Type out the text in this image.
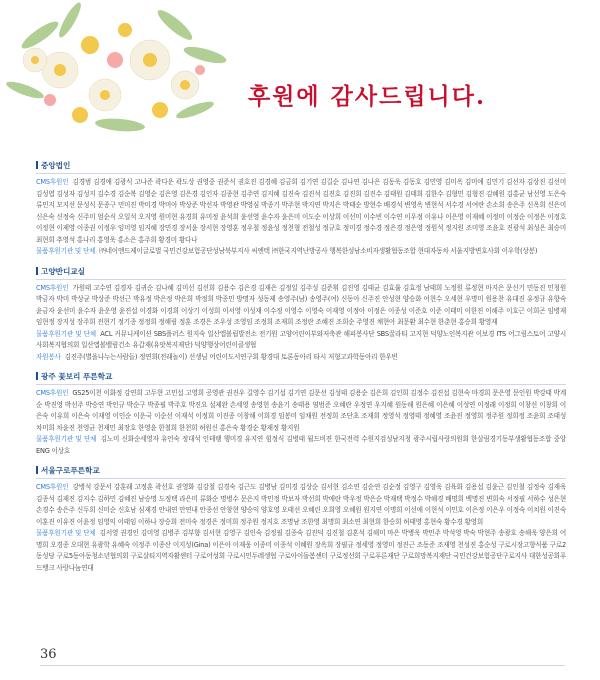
후원에 감사드립니다.
중앙법인
CMS후원인 김경범 김경애 김광식 고나준 곽다운 곽도상 권영중 권준식 권호진 김경혜 김금희 김기연 김길순 김나연 김나은 김동욱 김동호 김민영 김미옥 김미애 김민기 김선자 김상진 김선미 김성엽 김성자 김성지 김수경 김순복 김영순 김은영 김은경 김인자 김종현 김주연 김지혜 김진숙 김진석 김진호 김진희 김진수 김태원 김태희 김한수 김형민 김형진 김혜원 김홍균 남선영 도은숙 류민지 모지선 문성식 문종구 민미진 박미경 박미아 박상준 박선자 박영관 박영심 박종기 박주현 박지연 박지은 박태순 방현수 배경석 변영옥 변현석 서수경 서여란 손소희 송은주 신옥희 신은미 신은숙 신정숙 신주미 엄순식 오일석 오지영 원미현 유경희 유미정 윤석희 윤선영 윤수자 윤은미 이도순 이상희 이선미 이수빈 이수연 이우정 이유나 이은영 이재혜 이정미 이정순 이정은 이정호 이정현 이제영 이종권 이정우 임미영 임지혜 장민경 장서윤 장서현 장영훈 정우철 정윤성 정천형 전철성 정규호 정미경 정수경 정은경 정은영 정원석 정지원 조미영 조윤호 진광석 최성은 최승미 최현희 추영석 홍나리 홍영욱 홍소은 홍주희 황경미 황다나
물품후원기관 및 단체 ㈜네이앤드제이글로벌 국민건강보험공단성남북부지사 씨엔텍 ㈜한국지역난방공사 행복한성남소비자생활협동조합 현대자동차 서울지방변호사회 이우학(상봉)
고양반디교실
CMS후원인 가원태 고수연 김경자 김귀순 김나혜 김미선 김선희 김용수 김은경 김재은 김정일 김주성 김준휘 김진영 김태균 김효률 김효정 남태희 노정원 류정현 마지은 문신기 민동진 민청원 박금자 박미 박상균 박상준 박선근 박유정 박은정 박은희 박정희 박종민 방명자 성동제 송영주(남) 송영주(여) 신동아 신주진 안성현 양승화 어현수 오세현 우명미 원용찬 유대진 유정규 유향숙 윤금자 윤선미 윤수자 윤운영 윤진섭 이경화 이경희 이상기 이성희 이서영 이성재 이수정 이영수 이영숙 이재영 이정아 이정은 이종성 이준호 이준 이태미 이한진 이해주 이호근 이희곤 임병재 임현정 장지성 장주희 전현기 정기종 정정희 정해림 정훈 조경은 조우성 조영임 조정희 조재희 조정란 조혜진 조희순 주영진 채현아 최문환 최수현 한춘현 홍승희 황영재
물품후원기관 및 단체 ACL 커뮤니케이션 SBS플러스 원지숙 일산앱볼립발전소 전기원 고양어린이부와저축관 해피봉사단 SBS꿀라티 고지현 덕양노인복지관 이보경 ITS 어그림스토어 고양시사회복지협의회 일산앱볼밸림건소 유갑재(유앗복지재단) 덕양행상어린이클생협
자원봉사 김진주(별을나누는사람들) 정연희(전래놀이) 선생님 어린이도서연구회 황경대 토론동아리 타시 저형고과학동아리 한우빈
광주 꽃보리 푸른학교
CMS후원인 GS25이천 이화정 강연희 고두현 고민섭 고영희 공영관 권진우 길영수 김기섭 김기연 김문선 김성태 김용순 김은희 김인희 김정수 김진섭 김현숙 마경희 문은영 문인원 박강태 박계순 박진영 박선주 박승연 박인규 박순구 박종필 박주호 박진요 설제완 손세영 송영헌 송윤기 송태용 염범준 오혜란 우정연 우지혜 원동해 원은혜 이은혜 이성연 이정래 이정희 이창선 이창희 이은숙 이유희 이은숙 이재영 이인순 이운국 이순선 이재석 이정희 이진종 이창해 이희경 임봉미 임채원 전정희 조단초 조재희 정영석 정영태 정혜영 조윤진 정영희 정주원 정희정 조윤희 조태성 차미희 차윤진 천영균 천재민 최장호 한영윤 한철희 한천희 허원신 홍은숙 황경순 황재정 황지원
물품후원기관 및 단체 김노미 신화순세영자 유언숙 정대석 인테랭 행미경 유지연 힘정식 김병태 월드비젼 한국전력 수원지검성남지청 광주시립사랑의원회 한살림경기동부생활협동조합 중앙ENG 이상호
서울구로푸른학교
CMS후원인 강병석 강문서 강훈래 고정훈 곽선호 권영화 김강철 김경숙 김근도 김병남 김미경 김상순 김서현 김소연 김순연 김순정 김영구 김영욱 김육화 김용섭 김윤근 김인철 김정숙 김재욱 김종석 김재진 김지수 김하민 김혜진 남승명 도정택 라은미 류화순 명병수 문은지 박민정 박보자 박선희 박애란 박우정 박은순 박재택 박정수 박해경 배명희 백명진 변희숙 서정필 서하수 성은현 손경수 송은주 신두희 신미순 신호남 심재경 안내연 안연내 안종선 안창현 양승익 양호영 오태선 오혜린 오희영 오혜원 원지연 이명희 이선애 이현석 이민호 이은정 이은우 이정숙 이치원 이진숙 이훈진 이유진 이윤정 임영익 이태임 이하나 장승희 전미숙 정경은 정미희 정주원 정지호 조명남 조한영 최명희 최소연 최현희 한승희 허태영 홍현숙 황수경 황영희
물품후원기관 및 단체 김서영 권경인 김미영 김병주 김부향 김서현 김영구 김인숙 김정필 김종숙 김진덕 김진철 김혼석 김해미 마은 박병욱 박민주 박석영 박숙 박현주 송광호 송해욱 양은희 어명희 오경종 오대현 유광학 유혜숙 이정주 이종산 이지성(Gina) 이은아 이재웅 이종미 이종석 이혜원 장옥희 장필규 정세영 정영미 정진근 조동준 조재영 천성진 홍순성 구로시장고향식품 구로2동성당 구로5동아동청소년협의회 구로살티지역자활센터 구로어성회 구로시민두레생협 구로아이돌봄센터 구로정선회 구로푸른재단 구로희망복지재단 국민건강보험공단구로지사 대한성공회푸드뱅크 사랑나눔연대
36
